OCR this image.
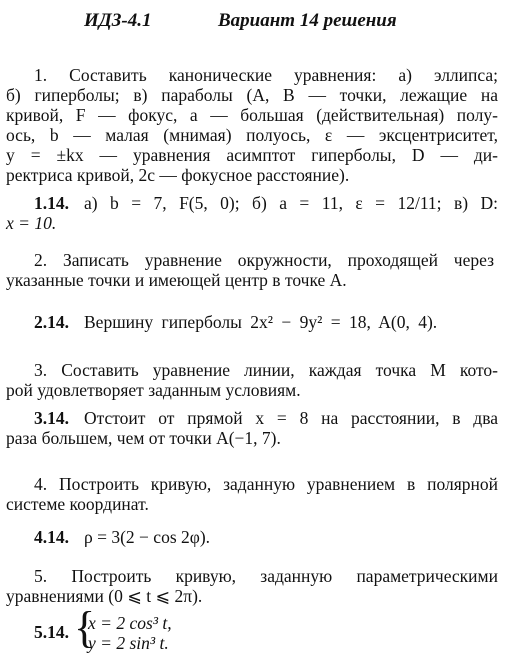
ИДЗ-4.1	Вариант 14 решения
1. Составить канонические уравнения: а) эллипса;
б) гиперболы; в) параболы (A, B — точки, лежащие на
кривой, F — фокус, a — большая (действительная) полу-
ось, b — малая (мнимая) полуось, ε — эксцентриситет,
y = ±kx — уравнения асимптот гиперболы, D — ди-
ректриса кривой, 2c — фокусное расстояние).
1.14. а) b = 7, F(5, 0); б) a = 11, ε = 12/11; в) D:
x = 10.
2. Записать уравнение окружности, проходящей через
указанные точки и имеющей центр в точке A.
2.14. Вершину гиперболы 2x² − 9y² = 18, A(0, 4).
3. Составить уравнение линии, каждая точка M кото-
рой удовлетворяет заданным условиям.
3.14. Отстоит от прямой x = 8 на расстоянии, в два
раза большем, чем от точки A(−1, 7).
4. Построить кривую, заданную уравнением в полярной
системе координат.
4.14. ρ = 3(2 − cos 2φ).
5. Построить кривую, заданную параметрическими
уравнениями (0 ⩽ t ⩽ 2π).
5.14. {
x = 2 cos³ t,
y = 2 sin³ t.
